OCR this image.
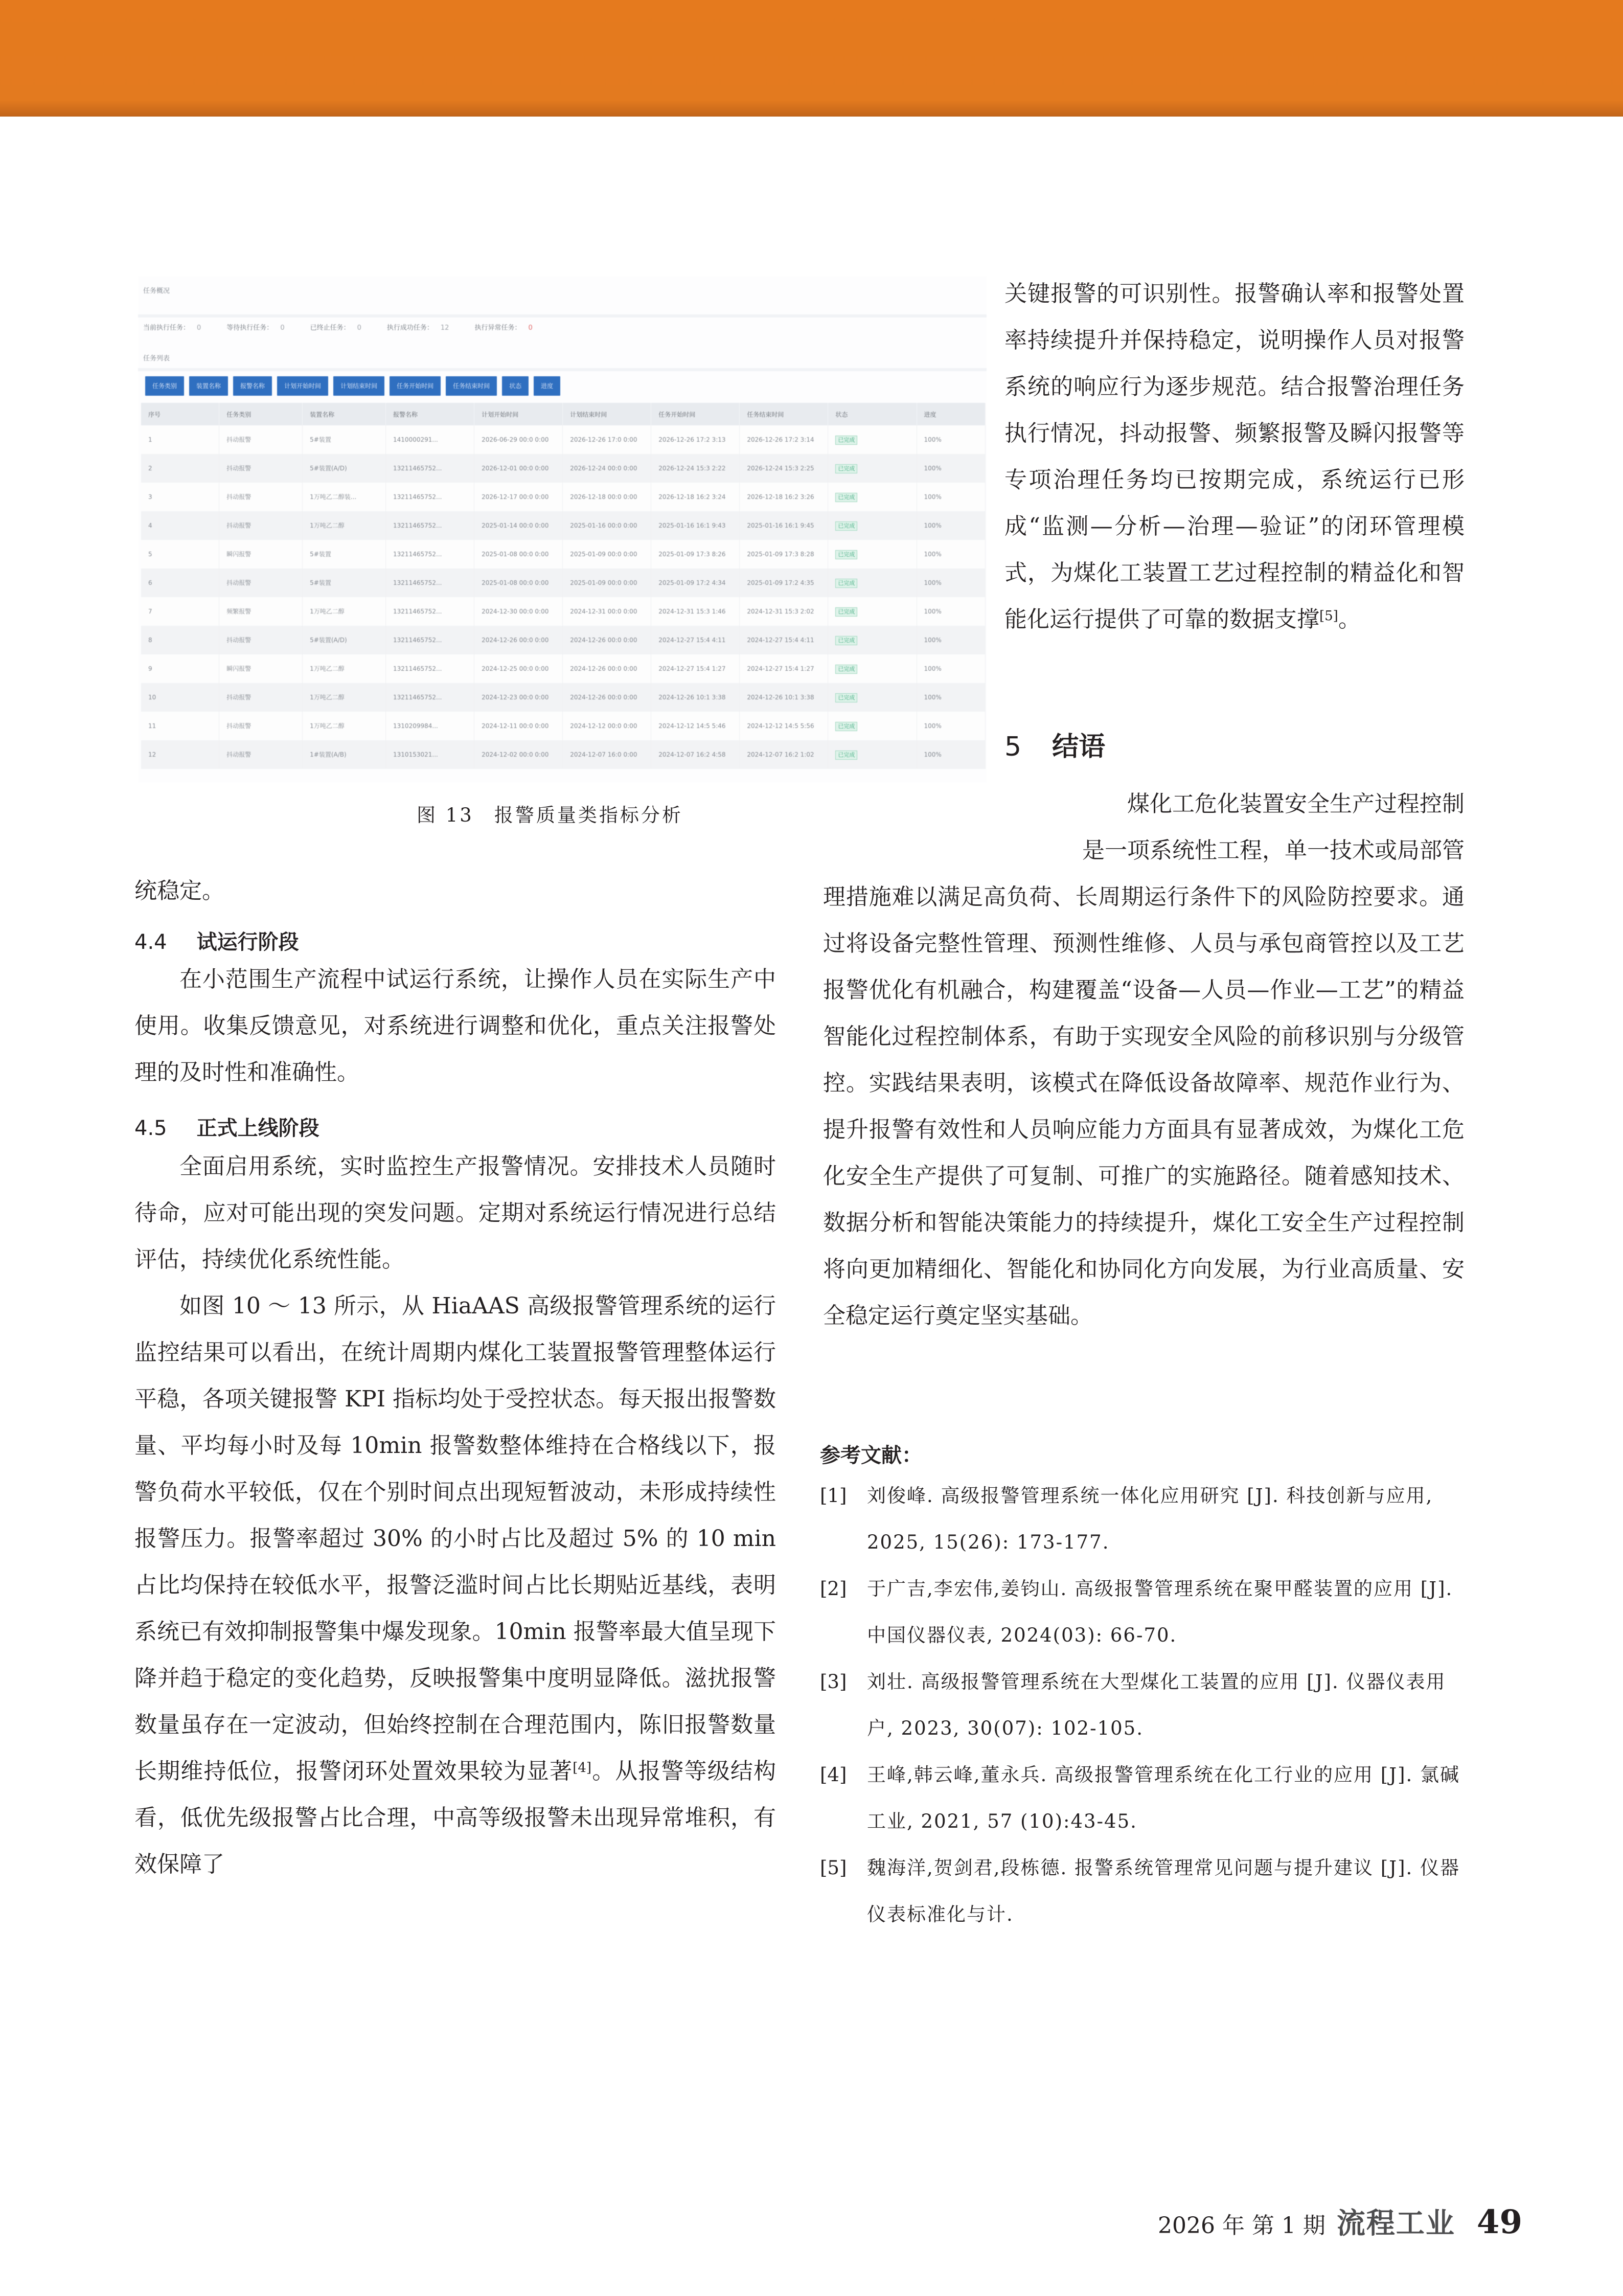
任务概况
当前执行任务： 0	等待执行任务： 0	已终止任务： 0	执行成功任务： 12	执行异常任务： 0
任务列表
任务类别	装置名称	报警名称	计划开始时间	计划结束时间	任务开始时间	任务结束时间	状态	进度
序号	任务类别	装置名称	报警名称	计划开始时间	计划结束时间	任务开始时间	任务结束时间	状态	进度
1	抖动报警	5#装置	1410000291...	2026-06-29 00:0 0:00	2026-12-26 17:0 0:00	2026-12-26 17:2 3:13	2026-12-26 17:2 3:14	已完成	100%
2	抖动报警	5#装置(A/D)	13211465752...	2026-12-01 00:0 0:00	2026-12-24 00:0 0:00	2026-12-24 15:3 2:22	2026-12-24 15:3 2:25	已完成	100%
3	抖动报警	1万吨乙二醇装...	13211465752...	2026-12-17 00:0 0:00	2026-12-18 00:0 0:00	2026-12-18 16:2 3:24	2026-12-18 16:2 3:26	已完成	100%
4	抖动报警	1万吨乙二醇	13211465752...	2025-01-14 00:0 0:00	2025-01-16 00:0 0:00	2025-01-16 16:1 9:43	2025-01-16 16:1 9:45	已完成	100%
5	瞬闪报警	5#装置	13211465752...	2025-01-08 00:0 0:00	2025-01-09 00:0 0:00	2025-01-09 17:3 8:26	2025-01-09 17:3 8:28	已完成	100%
6	抖动报警	5#装置	13211465752...	2025-01-08 00:0 0:00	2025-01-09 00:0 0:00	2025-01-09 17:2 4:34	2025-01-09 17:2 4:35	已完成	100%
7	频繁报警	1万吨乙二醇	13211465752...	2024-12-30 00:0 0:00	2024-12-31 00:0 0:00	2024-12-31 15:3 1:46	2024-12-31 15:3 2:02	已完成	100%
8	抖动报警	5#装置(A/D)	13211465752...	2024-12-26 00:0 0:00	2024-12-26 00:0 0:00	2024-12-27 15:4 4:11	2024-12-27 15:4 4:11	已完成	100%
9	瞬闪报警	1万吨乙二醇	13211465752...	2024-12-25 00:0 0:00	2024-12-26 00:0 0:00	2024-12-27 15:4 1:27	2024-12-27 15:4 1:27	已完成	100%
10	抖动报警	1万吨乙二醇	13211465752...	2024-12-23 00:0 0:00	2024-12-26 00:0 0:00	2024-12-26 10:1 3:38	2024-12-26 10:1 3:38	已完成	100%
11	抖动报警	1万吨乙二醇	1310209984...	2024-12-11 00:0 0:00	2024-12-12 00:0 0:00	2024-12-12 14:5 5:46	2024-12-12 14:5 5:56	已完成	100%
12	抖动报警	1#装置(A/B)	1310153021...	2024-12-02 00:0 0:00	2024-12-07 16:0 0:00	2024-12-07 16:2 4:58	2024-12-07 16:2 1:02	已完成	100%
图 13 报警质量类指标分析

统稳定。

4.4 试运行阶段

在小范围生产流程中试运行系统，让操作人员在实际生产中使用。收集反馈意见，对系统进行调整和优化，重点关注报警处理的及时性和准确性。

4.5 正式上线阶段

全面启用系统，实时监控生产报警情况。安排技术人员随时待命，应对可能出现的突发问题。定期对系统运行情况进行总结评估，持续优化系统性能。

如图 10 ～ 13 所示，从 HiaAAS 高级报警管理系统的运行监控结果可以看出，在统计周期内煤化工装置报警管理整体运行平稳，各项关键报警 KPI 指标均处于受控状态。每天报出报警数量、平均每小时及每 10min 报警数整体维持在合格线以下，报警负荷水平较低，仅在个别时间点出现短暂波动，未形成持续性报警压力。报警率超过 30% 的小时占比及超过 5% 的 10 min 占比均保持在较低水平，报警泛滥时间占比长期贴近基线，表明系统已有效抑制报警集中爆发现象。10min 报警率最大值呈现下降并趋于稳定的变化趋势，反映报警集中度明显降低。滋扰报警数量虽存在一定波动，但始终控制在合理范围内，陈旧报警数量长期维持低位，报警闭环处置效果较为显著[4]。从报警等级结构看，低优先级报警占比合理，中高等级报警未出现异常堆积，有效保障了

关键报警的可识别性。报警确认率和报警处置率持续提升并保持稳定，说明操作人员对报警系统的响应行为逐步规范。结合报警治理任务执行情况，抖动报警、频繁报警及瞬闪报警等专项治理任务均已按期完成，系统运行已形成“监测—分析—治理—验证”的闭环管理模式，为煤化工装置工艺过程控制的精益化和智能化运行提供了可靠的数据支撑[5]。

5 结语

煤化工危化装置安全生产过程控制

是一项系统性工程，单一技术或局部管

理措施难以满足高负荷、长周期运行条件下的风险防控要求。通过将设备完整性管理、预测性维修、人员与承包商管控以及工艺报警优化有机融合，构建覆盖“设备—人员—作业—工艺”的精益智能化过程控制体系，有助于实现安全风险的前移识别与分级管控。实践结果表明，该模式在降低设备故障率、规范作业行为、提升报警有效性和人员响应能力方面具有显著成效，为煤化工危化安全生产提供了可复制、可推广的实施路径。随着感知技术、数据分析和智能决策能力的持续提升，煤化工安全生产过程控制将向更加精细化、智能化和协同化方向发展，为行业高质量、安全稳定运行奠定坚实基础。

参考文献：
[1]	刘俊峰. 高级报警管理系统一体化应用研究 [J]. 科技创新与应用, 2025, 15(26): 173-177.
[2]	于广吉,李宏伟,姜钧山. 高级报警管理系统在聚甲醛装置的应用 [J]. 中国仪器仪表, 2024(03): 66-70.
[3]	刘壮. 高级报警管理系统在大型煤化工装置的应用 [J]. 仪器仪表用户, 2023, 30(07): 102-105.
[4]	王峰,韩云峰,董永兵. 高级报警管理系统在化工行业的应用 [J]. 氯碱工业, 2021, 57 (10):43-45.
[5]	魏海洋,贺剑君,段栋德. 报警系统管理常见问题与提升建议 [J]. 仪器仪表标准化与计.
2026 年 第 1 期 流程工业 49
